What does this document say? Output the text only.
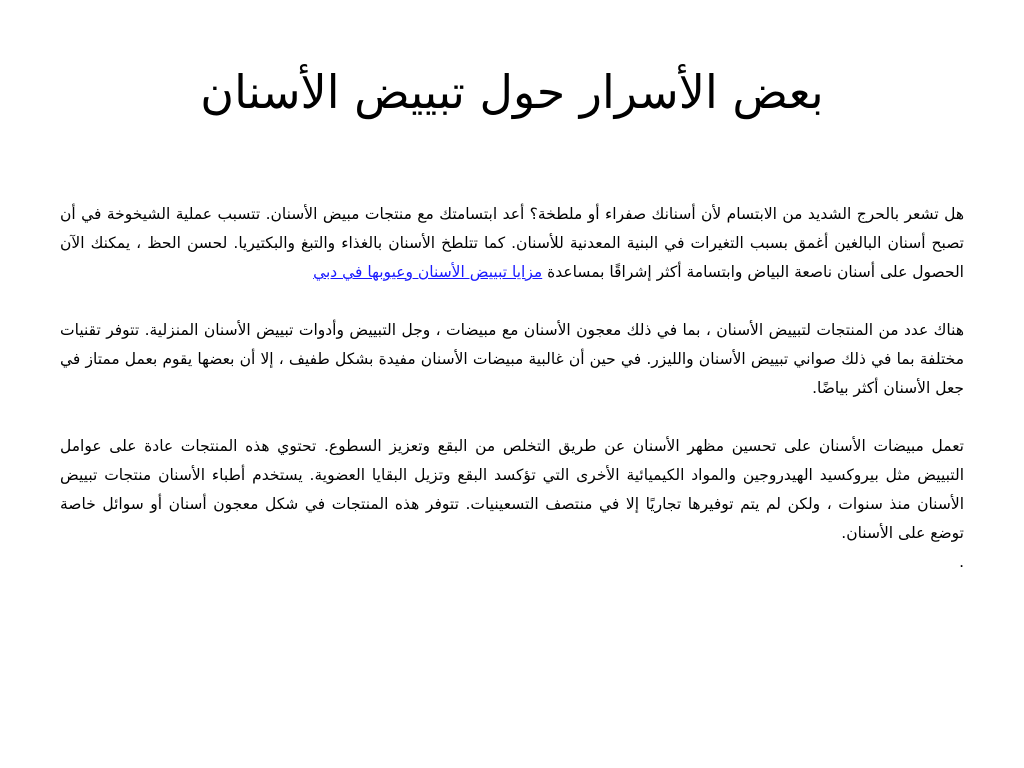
بعض الأسرار حول تبييض الأسنان

هل تشعر بالحرج الشديد من الابتسام لأن أسنانك صفراء أو ملطخة؟ أعد ابتسامتك مع منتجات مبيض الأسنان. تتسبب عملية الشيخوخة في أن تصبح أسنان البالغين أغمق بسبب التغيرات في البنية المعدنية للأسنان. كما تتلطخ الأسنان بالغذاء والتبغ والبكتيريا. لحسن الحظ ، يمكنك الآن الحصول على أسنان ناصعة البياض وابتسامة أكثر إشراقًا بمساعدة مزايا تبييض الأسنان وعيوبها في دبي

هناك عدد من المنتجات لتبييض الأسنان ، بما في ذلك معجون الأسنان مع مبيضات ، وجل التبييض وأدوات تبييض الأسنان المنزلية. تتوفر تقنيات مختلفة بما في ذلك صواني تبييض الأسنان والليزر. في حين أن غالبية مبيضات الأسنان مفيدة بشكل طفيف ، إلا أن بعضها يقوم بعمل ممتاز في جعل الأسنان أكثر بياضًا.

تعمل مبيضات الأسنان على تحسين مظهر الأسنان عن طريق التخلص من البقع وتعزيز السطوع. تحتوي هذه المنتجات عادة على عوامل التبييض مثل بيروكسيد الهيدروجين والمواد الكيميائية الأخرى التي تؤكسد البقع وتزيل البقايا العضوية. يستخدم أطباء الأسنان منتجات تبييض الأسنان منذ سنوات ، ولكن لم يتم توفيرها تجاريًا إلا في منتصف التسعينيات. تتوفر هذه المنتجات في شكل معجون أسنان أو سوائل خاصة توضع على الأسنان.

.
